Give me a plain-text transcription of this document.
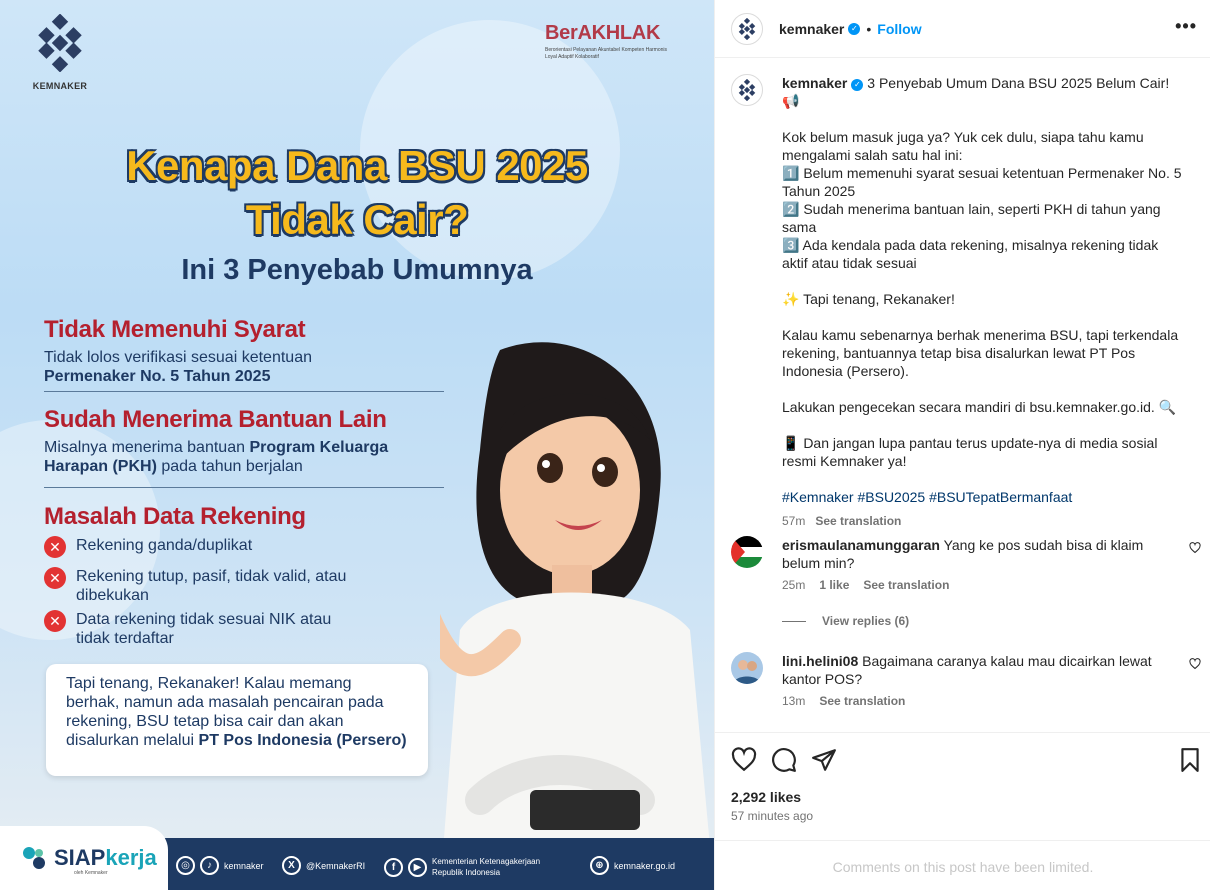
KEMNAKER
BerAKHLAK
Berorientasi Pelayanan Akuntabel Kompeten Harmonis Loyal Adaptif Kolaboratif
Kenapa Dana BSU 2025
Tidak Cair?
Ini 3 Penyebab Umumnya
Tidak Memenuhi Syarat
Tidak lolos verifikasi sesuai ketentuan
Permenaker No. 5 Tahun 2025
Sudah Menerima Bantuan Lain
Misalnya menerima bantuan Program Keluarga Harapan (PKH) pada tahun berjalan
Masalah Data Rekening
✕ Rekening ganda/duplikat
✕ Rekening tutup, pasif, tidak valid, atau dibekukan
✕ Data rekening tidak sesuai NIK atau tidak terdaftar
Tapi tenang, Rekanaker! Kalau memang berhak, namun ada masalah pencairan pada rekening, BSU tetap bisa cair dan akan disalurkan melalui PT Pos Indonesia (Persero)
SIAPkerja
oleh Kemnaker
◎	♪	kemnaker	X	@KemnakerRI	f	▶	Kementerian Ketenagakerjaan
Republik Indonesia
⊕	kemnaker.go.id
kemnaker ✓ • Follow	•••

kemnaker ✓ 3 Penyebab Umum Dana BSU 2025 Belum Cair! 📢

Kok belum masuk juga ya? Yuk cek dulu, siapa tahu kamu mengalami salah satu hal ini:

1️⃣ Belum memenuhi syarat sesuai ketentuan Permenaker No. 5 Tahun 2025

2️⃣ Sudah menerima bantuan lain, seperti PKH di tahun yang sama

3️⃣ Ada kendala pada data rekening, misalnya rekening tidak aktif atau tidak sesuai

✨ Tapi tenang, Rekanaker!

Kalau kamu sebenarnya berhak menerima BSU, tapi terkendala rekening, bantuannya tetap bisa disalurkan lewat PT Pos Indonesia (Persero).

Lakukan pengecekan secara mandiri di bsu.kemnaker.go.id. 🔍

📱 Dan jangan lupa pantau terus update-nya di media sosial resmi Kemnaker ya!

#Kemnaker #BSU2025 #BSUTepatBermanfaat

57m See translation

erismaulanamunggaran Yang ke pos sudah bisa di klaim belum min?
25m 1 like See translation
View replies (6)
lini.helini08 Bagaimana caranya kalau mau dicairkan lewat kantor POS?
13m See translation
2,292 likes
57 minutes ago
Comments on this post have been limited.
